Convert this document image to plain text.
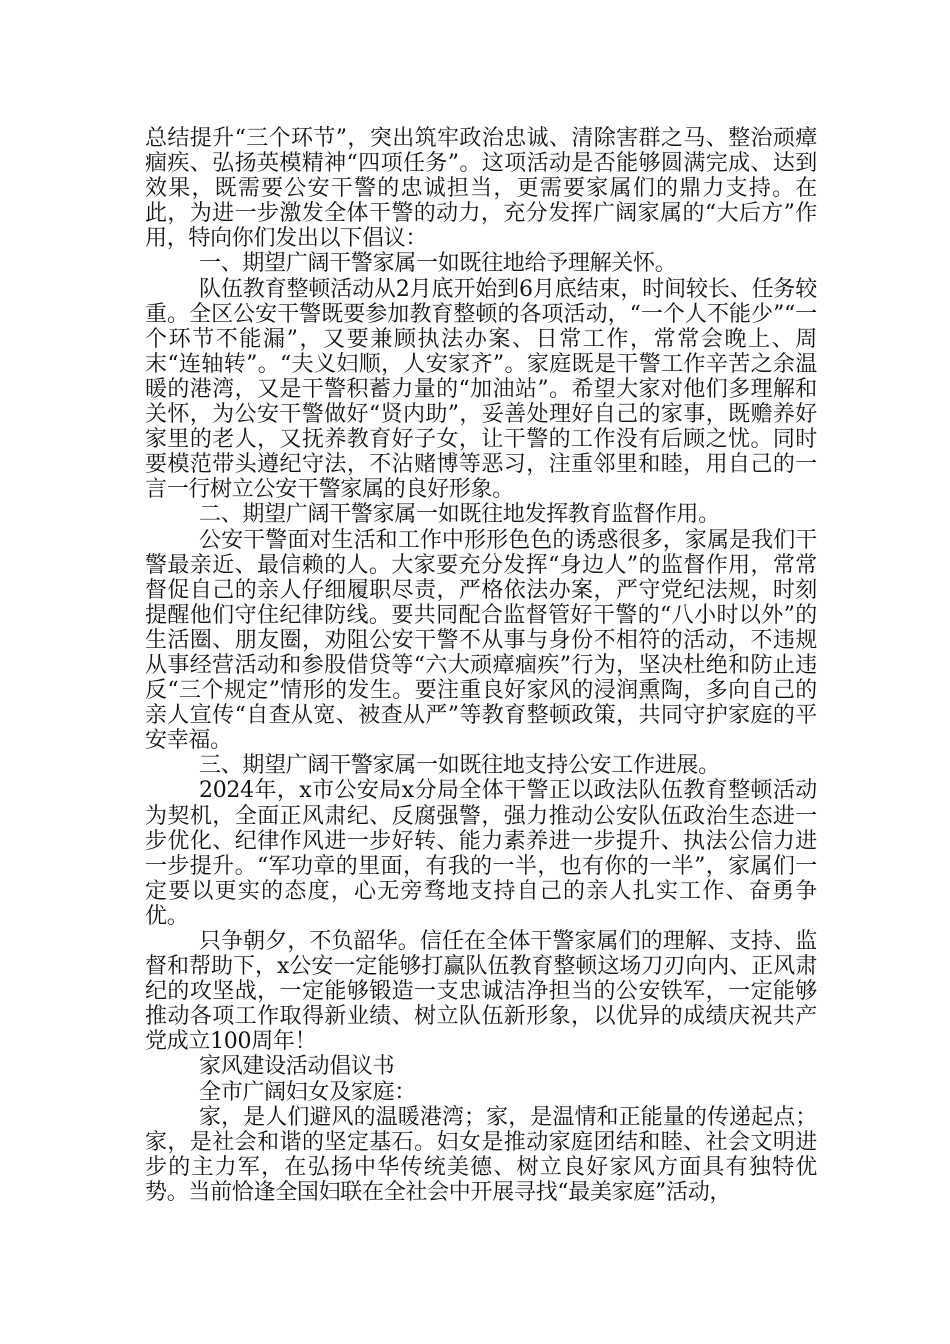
总结提升“三个环节”，突出筑牢政治忠诚、清除害群之马、整治顽瘴痼疾、弘扬英模精神“四项任务”。这项活动是否能够圆满完成、达到效果，既需要公安干警的忠诚担当，更需要家属们的鼎力支持。在此，为进一步激发全体干警的动力，充分发挥广阔家属的“大后方”作用，特向你们发出以下倡议：

一、期望广阔干警家属一如既往地给予理解关怀。

队伍教育整顿活动从2月底开始到6月底结束，时间较长、任务较重。全区公安干警既要参加教育整顿的各项活动，“一个人不能少”“一个环节不能漏”，又要兼顾执法办案、日常工作，常常会晚上、周末“连轴转”。“夫义妇顺，人安家齐”。家庭既是干警工作辛苦之余温暖的港湾，又是干警积蓄力量的“加油站”。希望大家对他们多理解和关怀，为公安干警做好“贤内助”，妥善处理好自己的家事，既赡养好家里的老人，又抚养教育好子女，让干警的工作没有后顾之忧。同时要模范带头遵纪守法，不沾赌博等恶习，注重邻里和睦，用自己的一言一行树立公安干警家属的良好形象。

二、期望广阔干警家属一如既往地发挥教育监督作用。

公安干警面对生活和工作中形形色色的诱惑很多，家属是我们干警最亲近、最信赖的人。大家要充分发挥“身边人”的监督作用，常常督促自己的亲人仔细履职尽责，严格依法办案，严守党纪法规，时刻提醒他们守住纪律防线。要共同配合监督管好干警的“八小时以外”的生活圈、朋友圈，劝阻公安干警不从事与身份不相符的活动，不违规从事经营活动和参股借贷等“六大顽瘴痼疾”行为，坚决杜绝和防止违反“三个规定”情形的发生。要注重良好家风的浸润熏陶，多向自己的亲人宣传“自查从宽、被查从严”等教育整顿政策，共同守护家庭的平安幸福。

三、期望广阔干警家属一如既往地支持公安工作进展。

2024年，x市公安局x分局全体干警正以政法队伍教育整顿活动为契机，全面正风肃纪、反腐强警，强力推动公安队伍政治生态进一步优化、纪律作风进一步好转、能力素养进一步提升、执法公信力进一步提升。“军功章的里面，有我的一半，也有你的一半”，家属们一定要以更实的态度，心无旁骛地支持自己的亲人扎实工作、奋勇争优。

只争朝夕，不负韶华。信任在全体干警家属们的理解、支持、监督和帮助下，x公安一定能够打赢队伍教育整顿这场刀刃向内、正风肃纪的攻坚战，一定能够锻造一支忠诚洁净担当的公安铁军，一定能够推动各项工作取得新业绩、树立队伍新形象，以优异的成绩庆祝共产党成立100周年！

家风建设活动倡议书

全市广阔妇女及家庭：

家，是人们避风的温暖港湾；家，是温情和正能量的传递起点；家，是社会和谐的坚定基石。妇女是推动家庭团结和睦、社会文明进步的主力军，在弘扬中华传统美德、树立良好家风方面具有独特优势。当前恰逢全国妇联在全社会中开展寻找“最美家庭”活动，
